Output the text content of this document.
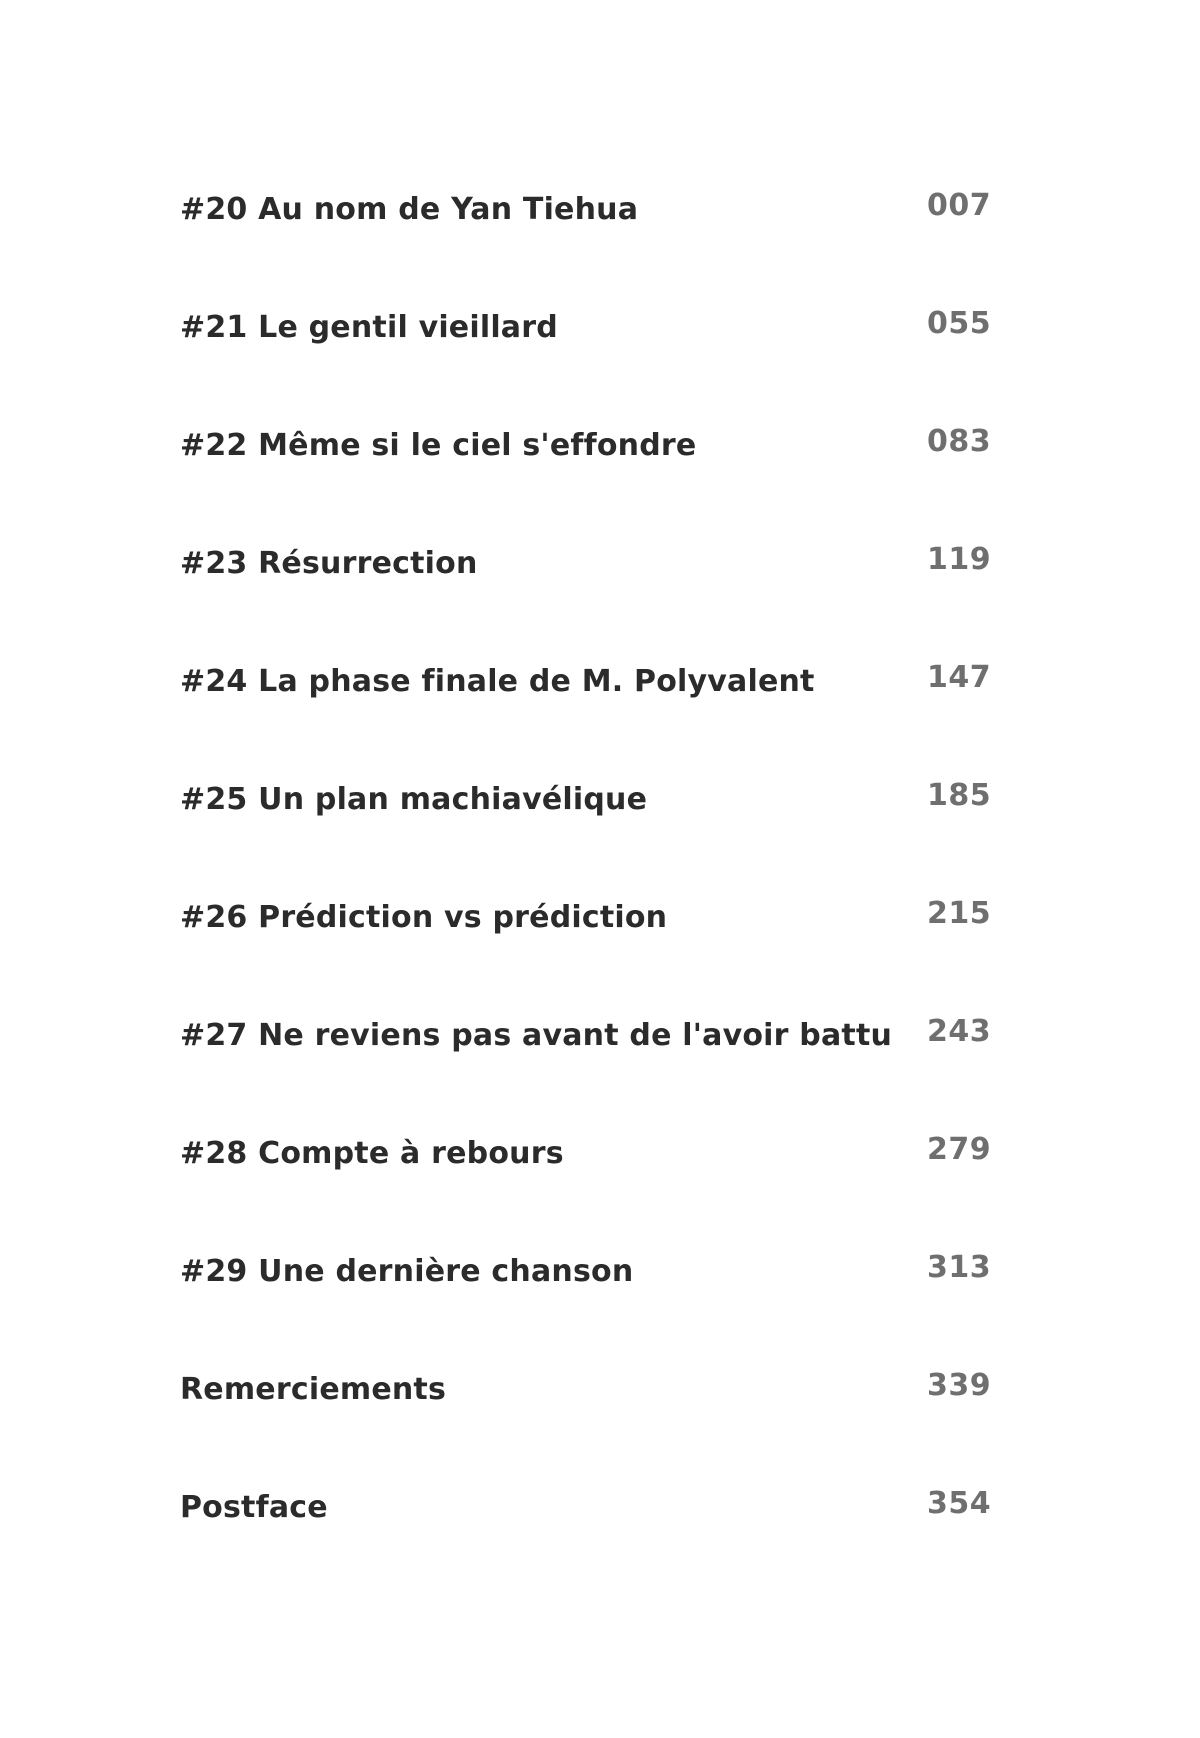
#20 Au nom de Yan Tiehua	007
#21 Le gentil vieillard	055
#22 Même si le ciel s'effondre	083
#23 Résurrection	119
#24 La phase finale de M. Polyvalent	147
#25 Un plan machiavélique	185
#26 Prédiction vs prédiction	215
#27 Ne reviens pas avant de l'avoir battu 243
#28 Compte à rebours	279
#29 Une dernière chanson	313
Remerciements	339
Postface	354
